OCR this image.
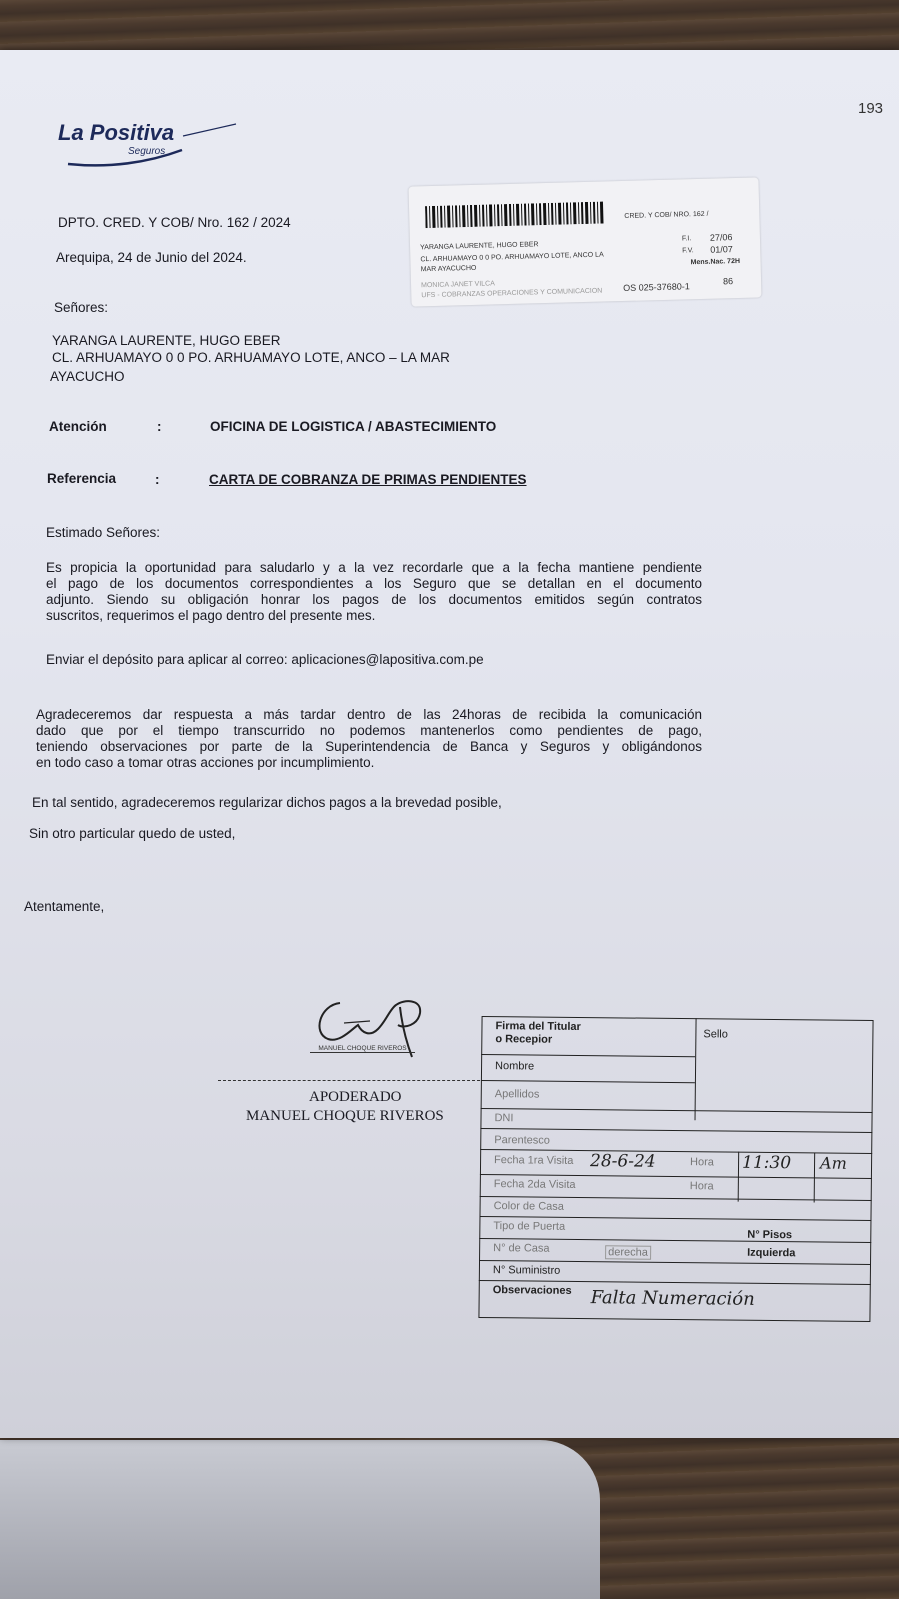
193
La Positiva
Seguros
DPTO. CRED. Y COB/ Nro. 162 / 2024
Arequipa, 24 de Junio del 2024.
CRED. Y COB/ NRO. 162 /
YARANGA LAURENTE, HUGO EBER
CL. ARHUAMAYO 0 0 PO. ARHUAMAYO LOTE, ANCO LA
MAR AYACUCHO
F.I. 27/06
F.V. 01/07
Mens.Nac. 72H
MONICA JANET VILCA
UFS - COBRANZAS OPERACIONES Y COMUNICACION
OS 025-37680-1
86
Señores:
YARANGA LAURENTE, HUGO EBER
CL. ARHUAMAYO 0 0 PO. ARHUAMAYO LOTE, ANCO – LA MAR
AYACUCHO
Atención	:	OFICINA DE LOGISTICA / ABASTECIMIENTO
Referencia	:	CARTA DE COBRANZA DE PRIMAS PENDIENTES
Estimado Señores:
Es propicia la oportunidad para saludarlo y a la vez recordarle que a la fecha mantiene pendiente
el pago de los documentos correspondientes a los Seguro que se detallan en el documento
adjunto. Siendo su obligación honrar los pagos de los documentos emitidos según contratos
suscritos, requerimos el pago dentro del presente mes.
Enviar el depósito para aplicar al correo: aplicaciones@lapositiva.com.pe
Agradeceremos dar respuesta a más tardar dentro de las 24horas de recibida la comunicación
dado que por el tiempo transcurrido no podemos mantenerlos como pendientes de pago,
teniendo observaciones por parte de la Superintendencia de Banca y Seguros y obligándonos
en todo caso a tomar otras acciones por incumplimiento.
En tal sentido, agradeceremos regularizar dichos pagos a la brevedad posible,
Sin otro particular quedo de usted,
Atentamente,
MANUEL CHOQUE RIVEROS
APODERADO
MANUEL CHOQUE RIVEROS
Firma del Titular
o Recepior	Sello
Nombre
Apellidos
DNI
Parentesco
Fecha 1ra Visita 28-6-24	Hora 11:30 Am
Fecha 2da Visita	Hora
Color de Casa
Tipo de Puerta
N° Pisos
N° de Casa	derecha	Izquierda
N° Suministro
Observaciones Falta Numeración
